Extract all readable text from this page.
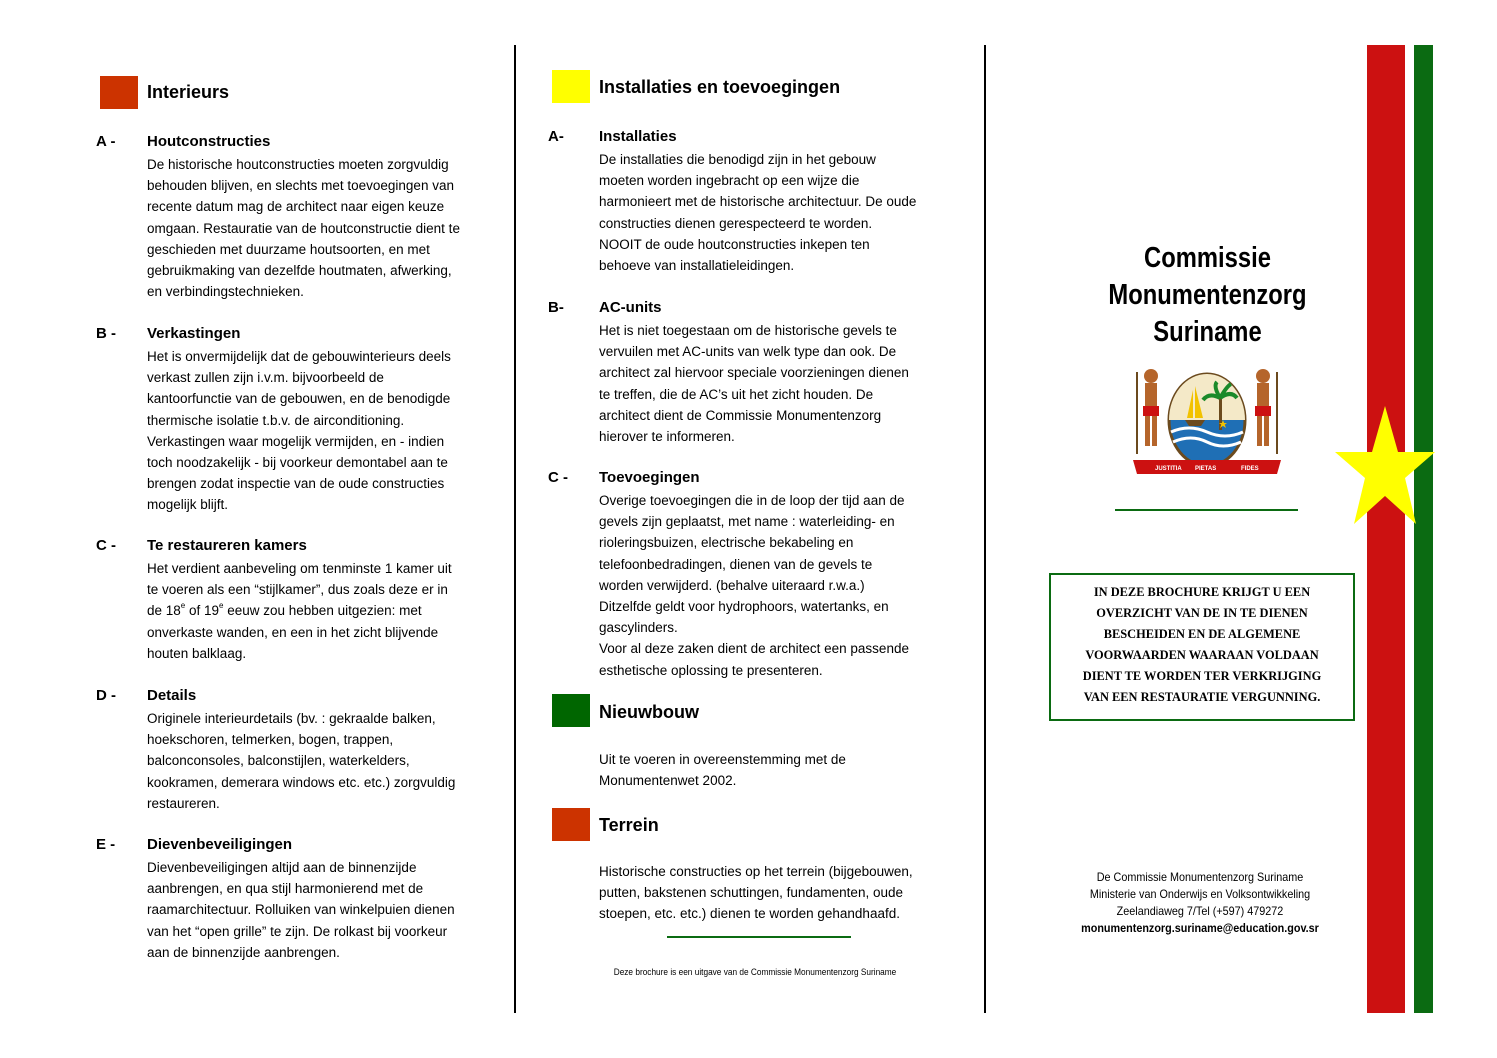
Interieurs
A - Houtconstructies
De historische houtconstructies moeten zorgvuldig
behouden blijven, en slechts met toevoegingen van
recente datum mag de architect naar eigen keuze
omgaan. Restauratie van de houtconstructie dient te
geschieden met duurzame houtsoorten, en met
gebruikmaking van dezelfde houtmaten, afwerking,
en verbindingstechnieken.
B - Verkastingen
Het is onvermijdelijk dat de gebouwinterieurs deels
verkast zullen zijn i.v.m. bijvoorbeeld de
kantoorfunctie van de gebouwen, en de benodigde
thermische isolatie t.b.v. de airconditioning.
Verkastingen waar mogelijk vermijden, en - indien
toch noodzakelijk - bij voorkeur demontabel aan te
brengen zodat inspectie van de oude constructies
mogelijk blijft.
C - Te restaureren kamers
Het verdient aanbeveling om tenminste 1 kamer uit
te voeren als een “stijlkamer”, dus zoals deze er in
de 18e of 19e eeuw zou hebben uitgezien: met
onverkaste wanden, en een in het zicht blijvende
houten balklaag.
D - Details
Originele interieurdetails (bv. : gekraalde balken,
hoekschoren, telmerken, bogen, trappen,
balconconsoles, balconstijlen, waterkelders,
kookramen, demerara windows etc. etc.) zorgvuldig
restaureren.
E - Dievenbeveiligingen
Dievenbeveiligingen altijd aan de binnenzijde
aanbrengen, en qua stijl harmonierend met de
raamarchitectuur. Rolluiken van winkelpuien dienen
van het “open grille” te zijn. De rolkast bij voorkeur
aan de binnenzijde aanbrengen.
Installaties en toevoegingen
A- Installaties
De installaties die benodigd zijn in het gebouw
moeten worden ingebracht op een wijze die
harmonieert met de historische architectuur. De oude
constructies dienen gerespecteerd te worden.
NOOIT de oude houtconstructies inkepen ten
behoeve van installatieleidingen.
B- AC-units
Het is niet toegestaan om de historische gevels te
vervuilen met AC-units van welk type dan ook. De
architect zal hiervoor speciale voorzieningen dienen
te treffen, die de AC’s uit het zicht houden. De
architect dient de Commissie Monumentenzorg
hierover te informeren.
C - Toevoegingen
Overige toevoegingen die in de loop der tijd aan de
gevels zijn geplaatst, met name : waterleiding- en
rioleringsbuizen, electrische bekabeling en
telefoonbedradingen, dienen van de gevels te
worden verwijderd. (behalve uiteraard r.w.a.)
Ditzelfde geldt voor hydrophoors, watertanks, en
gascylinders.
Voor al deze zaken dient de architect een passende
esthetische oplossing te presenteren.
Nieuwbouw
Uit te voeren in overeenstemming met de
Monumentenwet 2002.
Terrein
Historische constructies op het terrein (bijgebouwen,
putten, bakstenen schuttingen, fundamenten, oude
stoepen, etc. etc.) dienen te worden gehandhaafd.
Deze brochure is een uitgave van de Commissie Monumentenzorg Suriname
Commissie
Monumentenzorg
Suriname
JUSTITIA PIETAS	FIDES
IN DEZE BROCHURE KRIJGT U EEN
OVERZICHT VAN DE IN TE DIENEN
BESCHEIDEN EN DE ALGEMENE
VOORWAARDEN WAARAAN VOLDAAN
DIENT TE WORDEN TER VERKRIJGING
VAN EEN RESTAURATIE VERGUNNING.
De Commissie Monumentenzorg Suriname
Ministerie van Onderwijs en Volksontwikkeling
Zeelandiaweg 7/Tel (+597) 479272
monumentenzorg.suriname@education.gov.sr
